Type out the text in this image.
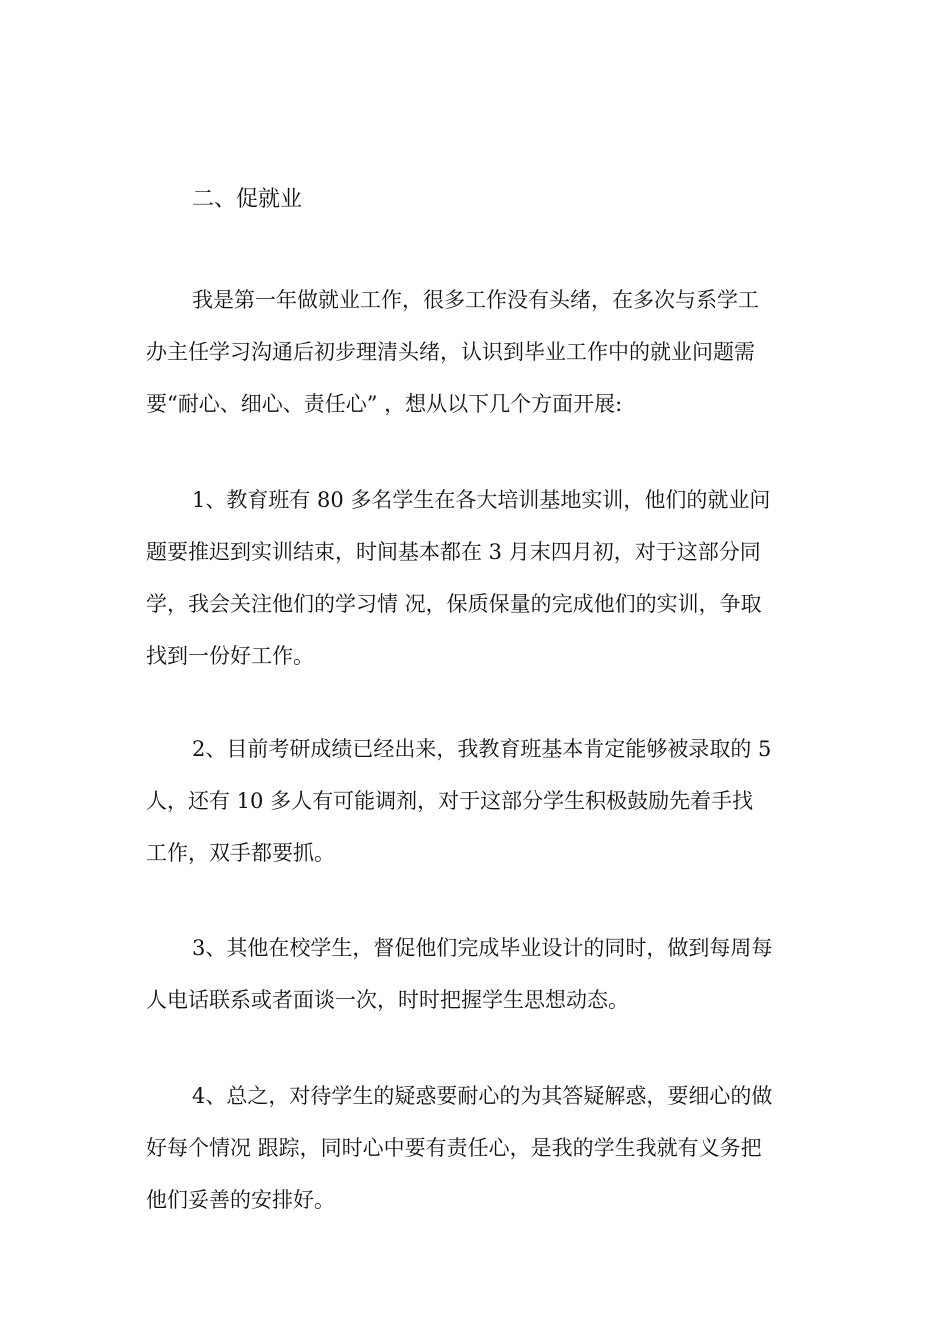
二、促就业
我是第一年做就业工作，很多工作没有头绪，在多次与系学工
办主任学习沟通后初步理清头绪，认识到毕业工作中的就业问题需
要“耐心、细心、责任心” ，想从以下几个方面开展:
1、教育班有 80 多名学生在各大培训基地实训，他们的就业问
题要推迟到实训结束，时间基本都在 3 月末四月初，对于这部分同
学，我会关注他们的学习情 况，保质保量的完成他们的实训，争取
找到一份好工作。
2、目前考研成绩已经出来，我教育班基本肯定能够被录取的 5
人，还有 10 多人有可能调剂，对于这部分学生积极鼓励先着手找
工作，双手都要抓。
3、其他在校学生，督促他们完成毕业设计的同时，做到每周每
人电话联系或者面谈一次，时时把握学生思想动态。
4、总之，对待学生的疑惑要耐心的为其答疑解惑，要细心的做
好每个情况 跟踪，同时心中要有责任心，是我的学生我就有义务把
他们妥善的安排好。
